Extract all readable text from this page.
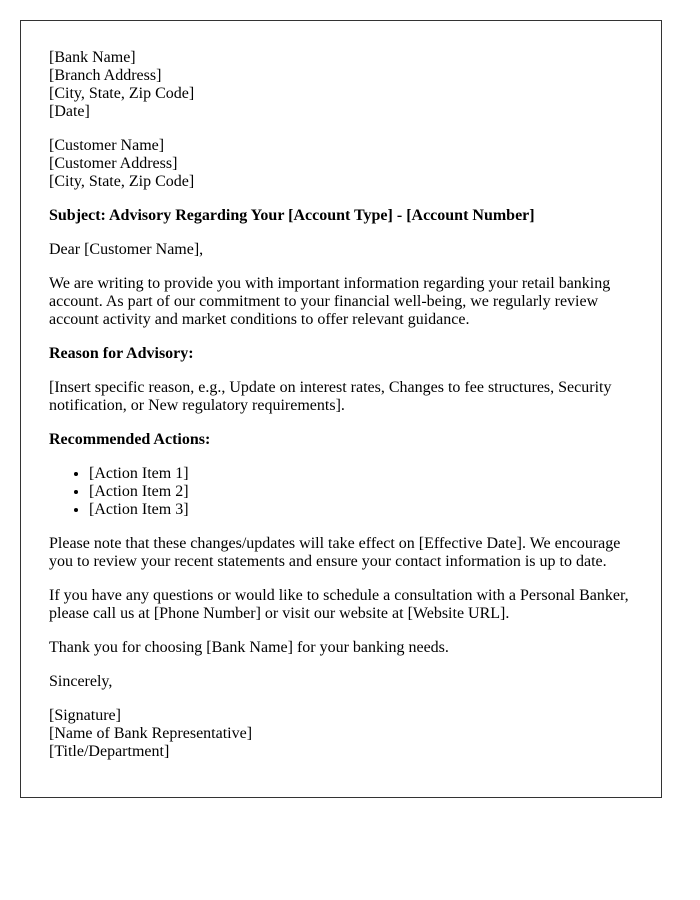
[Bank Name]
[Branch Address]
[City, State, Zip Code]
[Date]

[Customer Name]
[Customer Address]
[City, State, Zip Code]

Subject: Advisory Regarding Your [Account Type] - [Account Number]

Dear [Customer Name],

We are writing to provide you with important information regarding your retail banking account. As part of our commitment to your financial well-being, we regularly review account activity and market conditions to offer relevant guidance.

Reason for Advisory:

[Insert specific reason, e.g., Update on interest rates, Changes to fee structures, Security notification, or New regulatory requirements].

Recommended Actions:

• [Action Item 1]
• [Action Item 2]
• [Action Item 3]

Please note that these changes/updates will take effect on [Effective Date]. We encourage you to review your recent statements and ensure your contact information is up to date.

If you have any questions or would like to schedule a consultation with a Personal Banker, please call us at [Phone Number] or visit our website at [Website URL].

Thank you for choosing [Bank Name] for your banking needs.

Sincerely,

[Signature]
[Name of Bank Representative]
[Title/Department]
